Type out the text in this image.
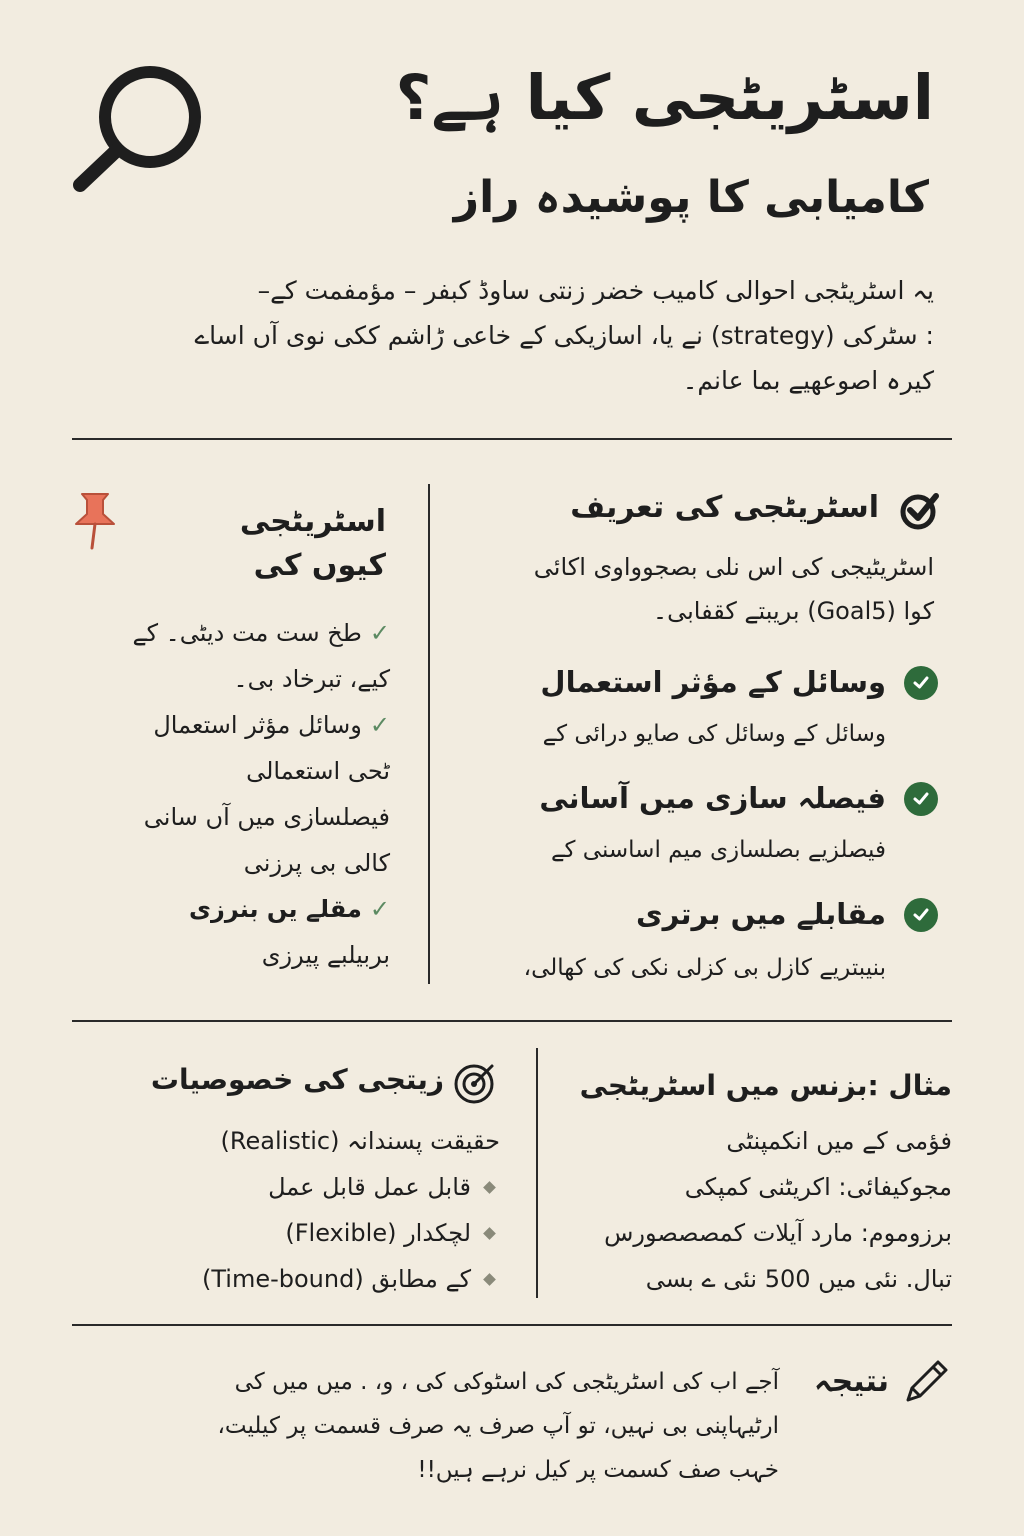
اسٹریٹجی کیا ہے؟
کامیابی کا پوشیدہ راز
یہ اسٹریٹجی احوالی کامیب خضر زنتی ساوڈ کبفر – مؤمفمت کے–
: سٹرکی (strategy) نے یا، اسازیکی کے خاعی ڑاشم ککی نوی آں اساے
کیرہ اصوعھیے بما عانم۔
اسٹریٹجی کی تعریف
اسٹریٹیجی کی اس نلی بصجوواوی اکائی
کوا (Goal5) بریبتے کقفابی۔
وسائل کے مؤثر استعمال
وسائل کے وسائل کی صایو درائی کے
فیصلہ سازی میں آسانی
فیصلزیے بصلسازی میم اساسنی کے
مقابلے میں برتری
بنیبتریے کازل بی کزلی نکی کی کھالی،
اسٹریٹجی
کیوں کی
✓
طخ ست مت دیٹی۔ کے
کیے، تبرخاد بی۔
✓
وسائل مؤثر استعمال
ٹحی استعمالی
فیصلسازی میں آں سانی
کالی بی پرزنی
✓
مقلے یں بنرزی
بربیلبے پیرزی
زیتجی کی خصوصیات
حقیقت پسندانہ (Realistic)
قابل عمل قابل عمل
لچکدار (Flexible)
کے مطابق (Time-bound)
مثال :بزنس میں اسٹریٹجی
فؤمی کے میں انکمپنٹی
مجوکیفائی: اکریٹنی کمپکی
برزوموم: مارد آیلات کمصصصورس
تبال. نئی میں 500 نئی ے بسی
نتیجہ
آجے اب کی اسٹریٹجی کی اسٹوکی کی ، و، . میں میں کی
ارٹیہاپنی بی نہیں، تو آپ صرف یہ صرف قسمت پر کیلیت،
خہب صف کسمت پر کیل نرہے ہیں!!
